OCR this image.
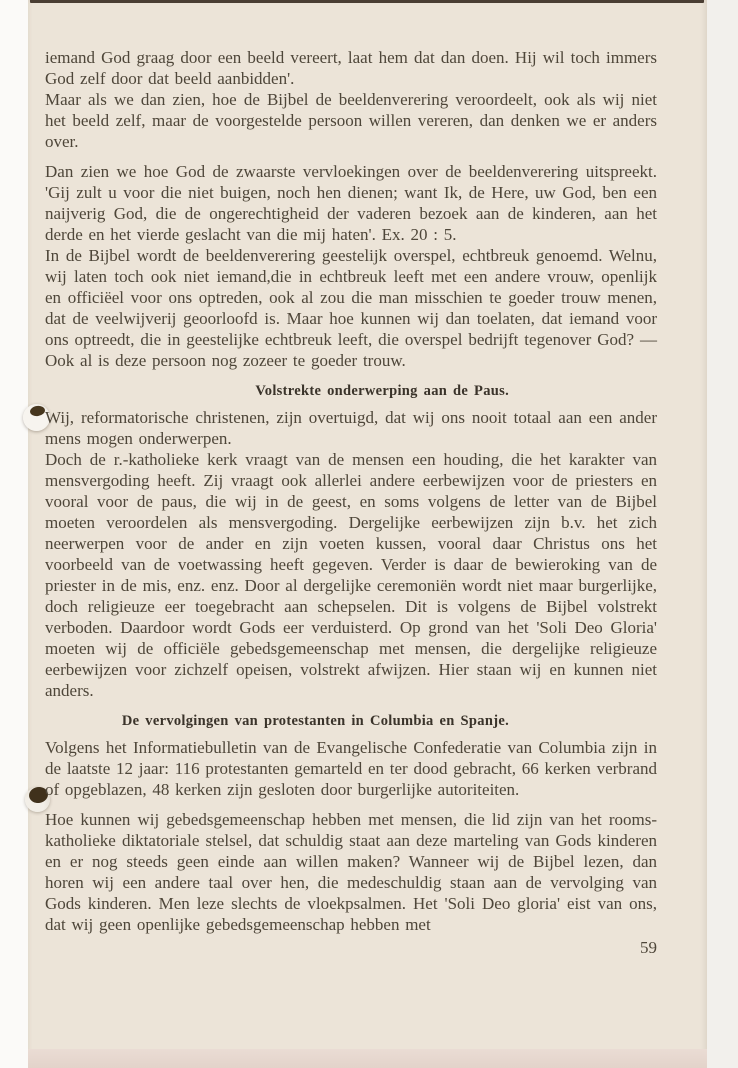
iemand God graag door een beeld vereert, laat hem dat dan doen. Hij wil toch immers God zelf door dat beeld aanbidden'.

Maar als we dan zien, hoe de Bijbel de beeldenverering veroordeelt, ook als wij niet het beeld zelf, maar de voorgestelde persoon willen vereren, dan denken we er anders over.

Dan zien we hoe God de zwaarste vervloekingen over de beeldenverering uitspreekt. 'Gij zult u voor die niet buigen, noch hen dienen; want Ik, de Here, uw God, ben een naijverig God, die de ongerechtigheid der vaderen bezoek aan de kinderen, aan het derde en het vierde geslacht van die mij haten'. Ex. 20 : 5.

In de Bijbel wordt de beeldenverering geestelijk overspel, echtbreuk genoemd. Welnu, wij laten toch ook niet iemand,die in echtbreuk leeft met een andere vrouw, openlijk en officiëel voor ons optreden, ook al zou die man misschien te goeder trouw menen, dat de veelwijverij geoorloofd is. Maar hoe kunnen wij dan toelaten, dat iemand voor ons optreedt, die in geestelijke echtbreuk leeft, die overspel bedrijft tegenover God? — Ook al is deze persoon nog zozeer te goeder trouw.

Volstrekte onderwerping aan de Paus.

Wij, reformatorische christenen, zijn overtuigd, dat wij ons nooit totaal aan een ander mens mogen onderwerpen.

Doch de r.-katholieke kerk vraagt van de mensen een houding, die het karakter van mensvergoding heeft. Zij vraagt ook allerlei andere eerbewijzen voor de priesters en vooral voor de paus, die wij in de geest, en soms volgens de letter van de Bijbel moeten veroordelen als mensvergoding. Dergelijke eerbewijzen zijn b.v. het zich neerwerpen voor de ander en zijn voeten kussen, vooral daar Christus ons het voorbeeld van de voetwassing heeft gegeven. Verder is daar de bewieroking van de priester in de mis, enz. enz. Door al dergelijke ceremoniën wordt niet maar burgerlijke, doch religieuze eer toegebracht aan schepselen. Dit is volgens de Bijbel volstrekt verboden. Daardoor wordt Gods eer verduisterd. Op grond van het 'Soli Deo Gloria' moeten wij de officiële gebedsgemeenschap met mensen, die dergelijke religieuze eerbewijzen voor zichzelf opeisen, volstrekt afwijzen. Hier staan wij en kunnen niet anders.

De vervolgingen van protestanten in Columbia en Spanje.

Volgens het Informatiebulletin van de Evangelische Confederatie van Columbia zijn in de laatste 12 jaar: 116 protestanten gemarteld en ter dood gebracht, 66 kerken verbrand of opgeblazen, 48 kerken zijn gesloten door burgerlijke autoriteiten.

Hoe kunnen wij gebedsgemeenschap hebben met mensen, die lid zijn van het rooms-katholieke diktatoriale stelsel, dat schuldig staat aan deze marteling van Gods kinderen en er nog steeds geen einde aan willen maken? Wanneer wij de Bijbel lezen, dan horen wij een andere taal over hen, die medeschuldig staan aan de vervolging van Gods kinderen. Men leze slechts de vloekpsalmen. Het 'Soli Deo gloria' eist van ons, dat wij geen openlijke gebedsgemeenschap hebben met

59
